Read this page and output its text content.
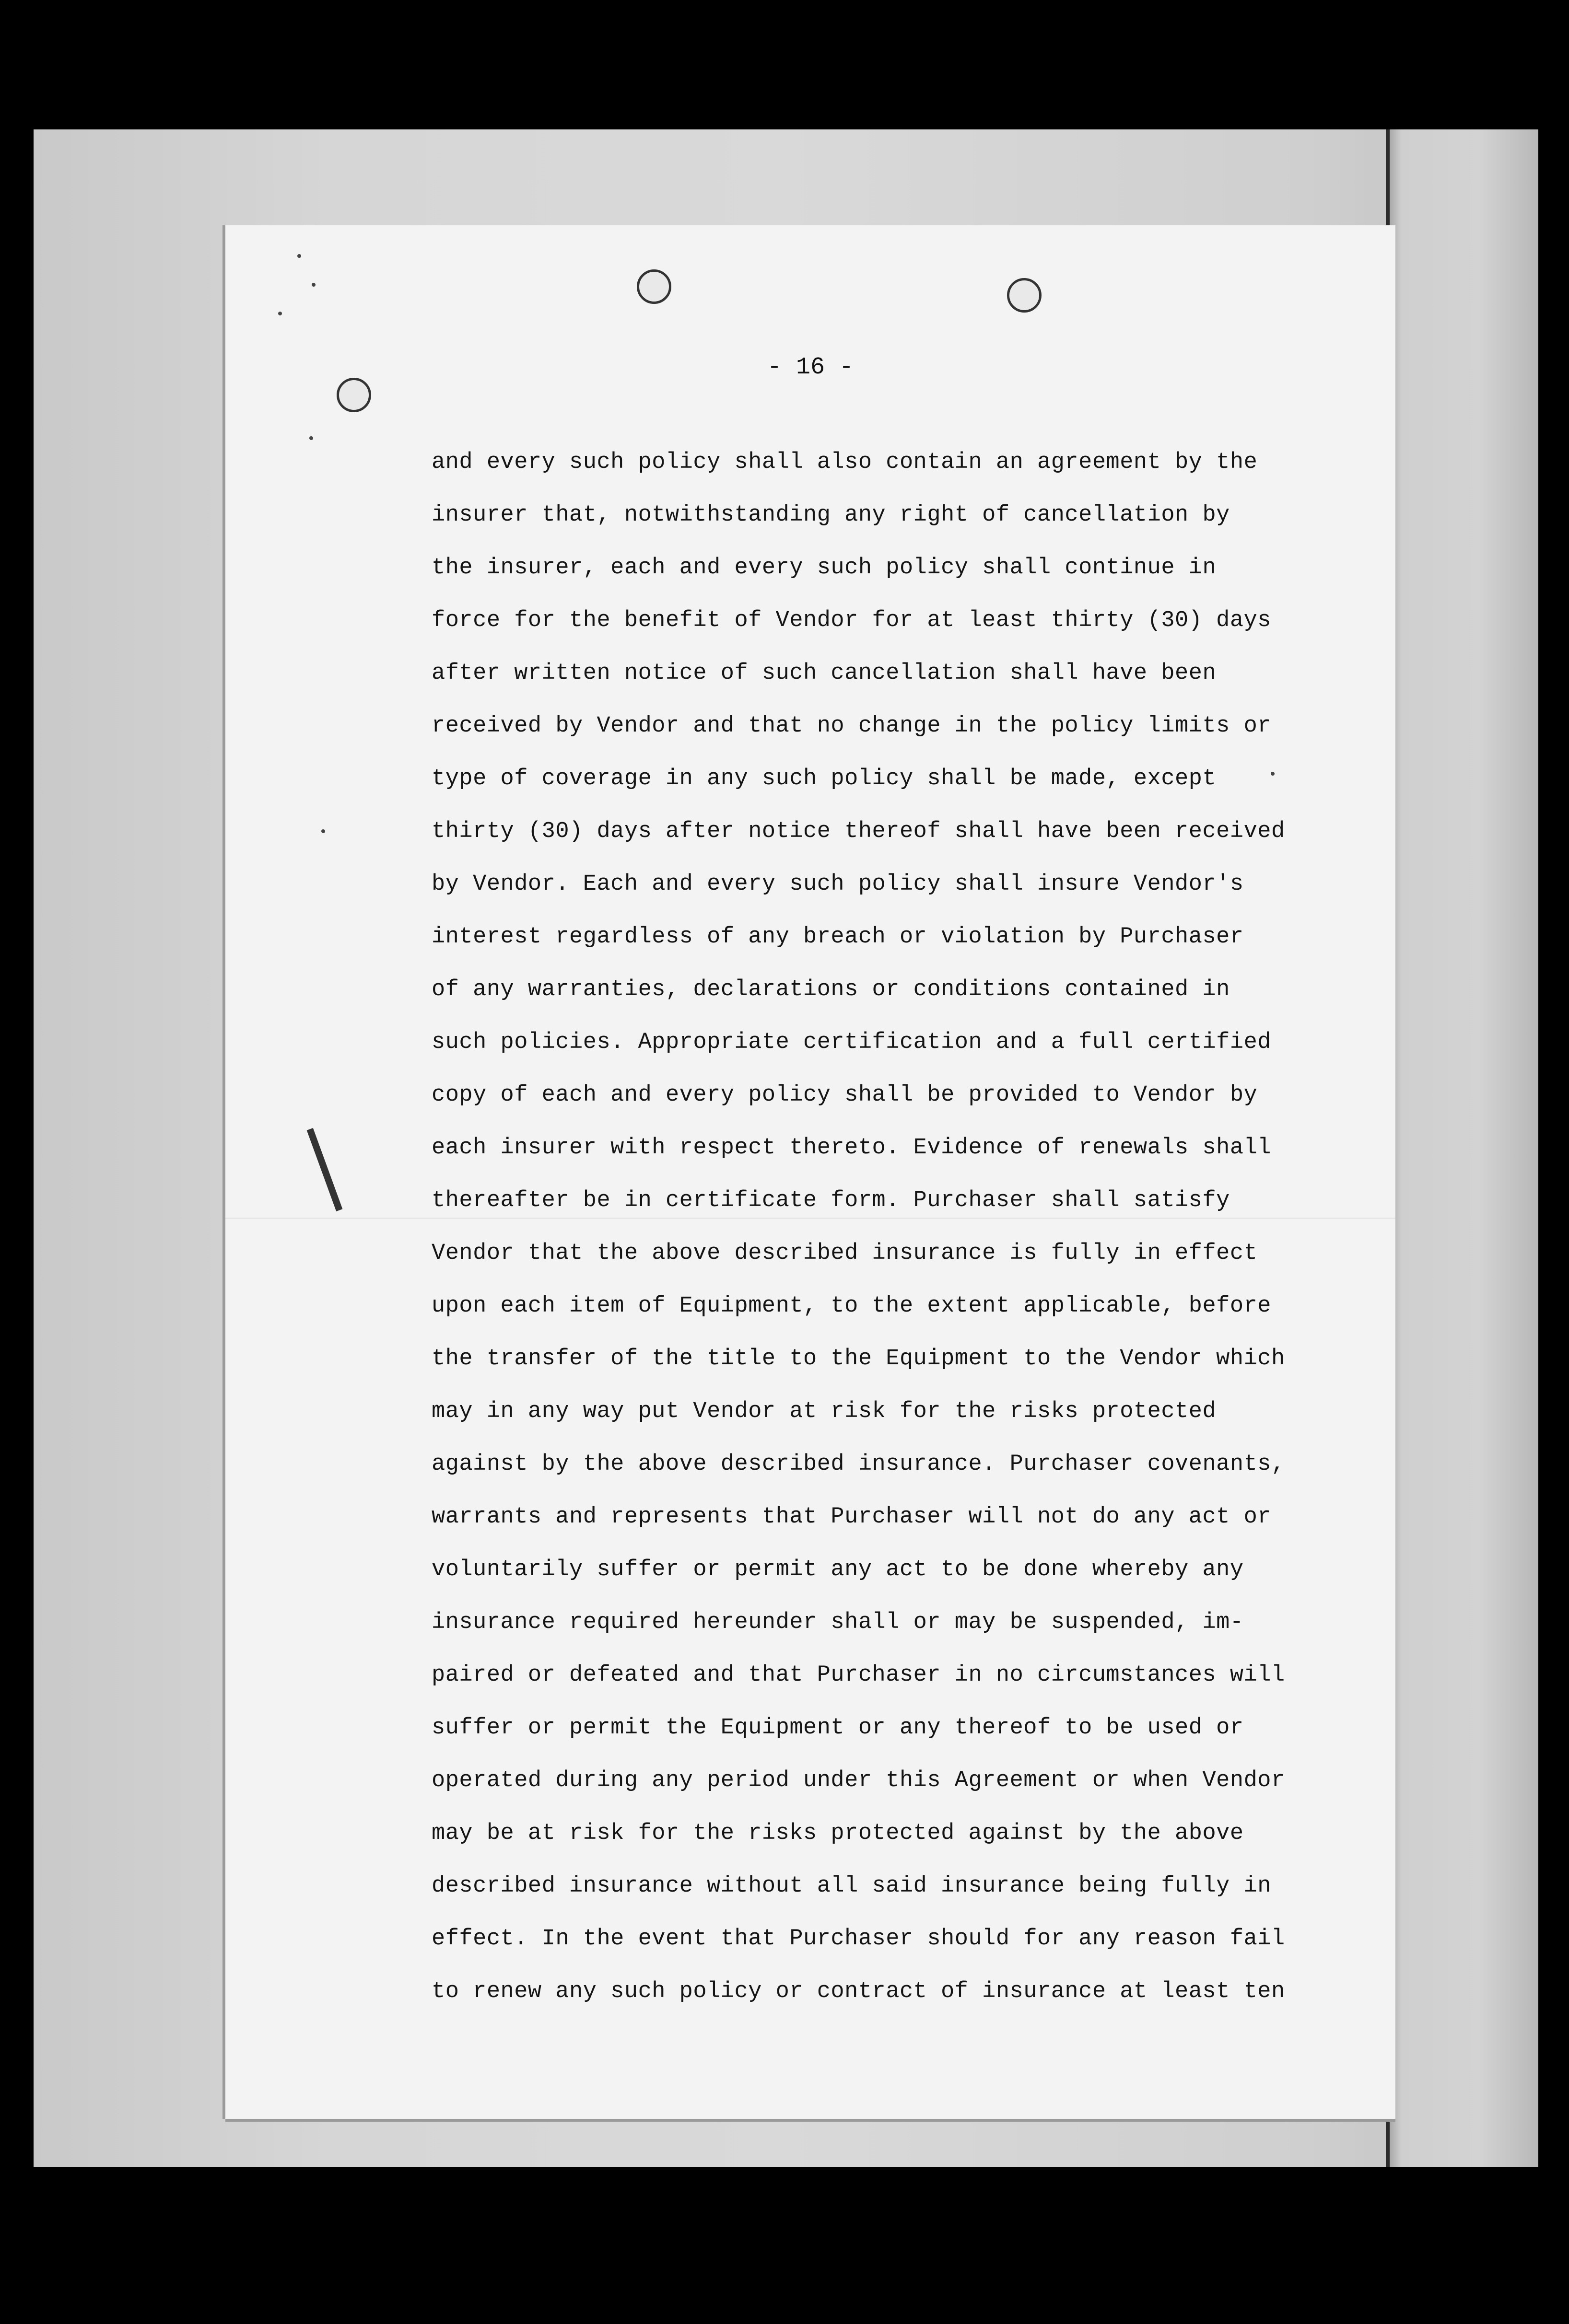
- 16 -
and every such policy shall also contain an agreement by the
insurer that, notwithstanding any right of cancellation by
the insurer, each and every such policy shall continue in
force for the benefit of Vendor for at least thirty (30) days
after written notice of such cancellation shall have been
received by Vendor and that no change in the policy limits or
type of coverage in any such policy shall be made, except
thirty (30) days after notice thereof shall have been received
by Vendor. Each and every such policy shall insure Vendor's
interest regardless of any breach or violation by Purchaser
of any warranties, declarations or conditions contained in
such policies. Appropriate certification and a full certified
copy of each and every policy shall be provided to Vendor by
each insurer with respect thereto. Evidence of renewals shall
thereafter be in certificate form. Purchaser shall satisfy
Vendor that the above described insurance is fully in effect
upon each item of Equipment, to the extent applicable, before
the transfer of the title to the Equipment to the Vendor which
may in any way put Vendor at risk for the risks protected
against by the above described insurance. Purchaser covenants,
warrants and represents that Purchaser will not do any act or
voluntarily suffer or permit any act to be done whereby any
insurance required hereunder shall or may be suspended, im-
paired or defeated and that Purchaser in no circumstances will
suffer or permit the Equipment or any thereof to be used or
operated during any period under this Agreement or when Vendor
may be at risk for the risks protected against by the above
described insurance without all said insurance being fully in
effect. In the event that Purchaser should for any reason fail
to renew any such policy or contract of insurance at least ten
